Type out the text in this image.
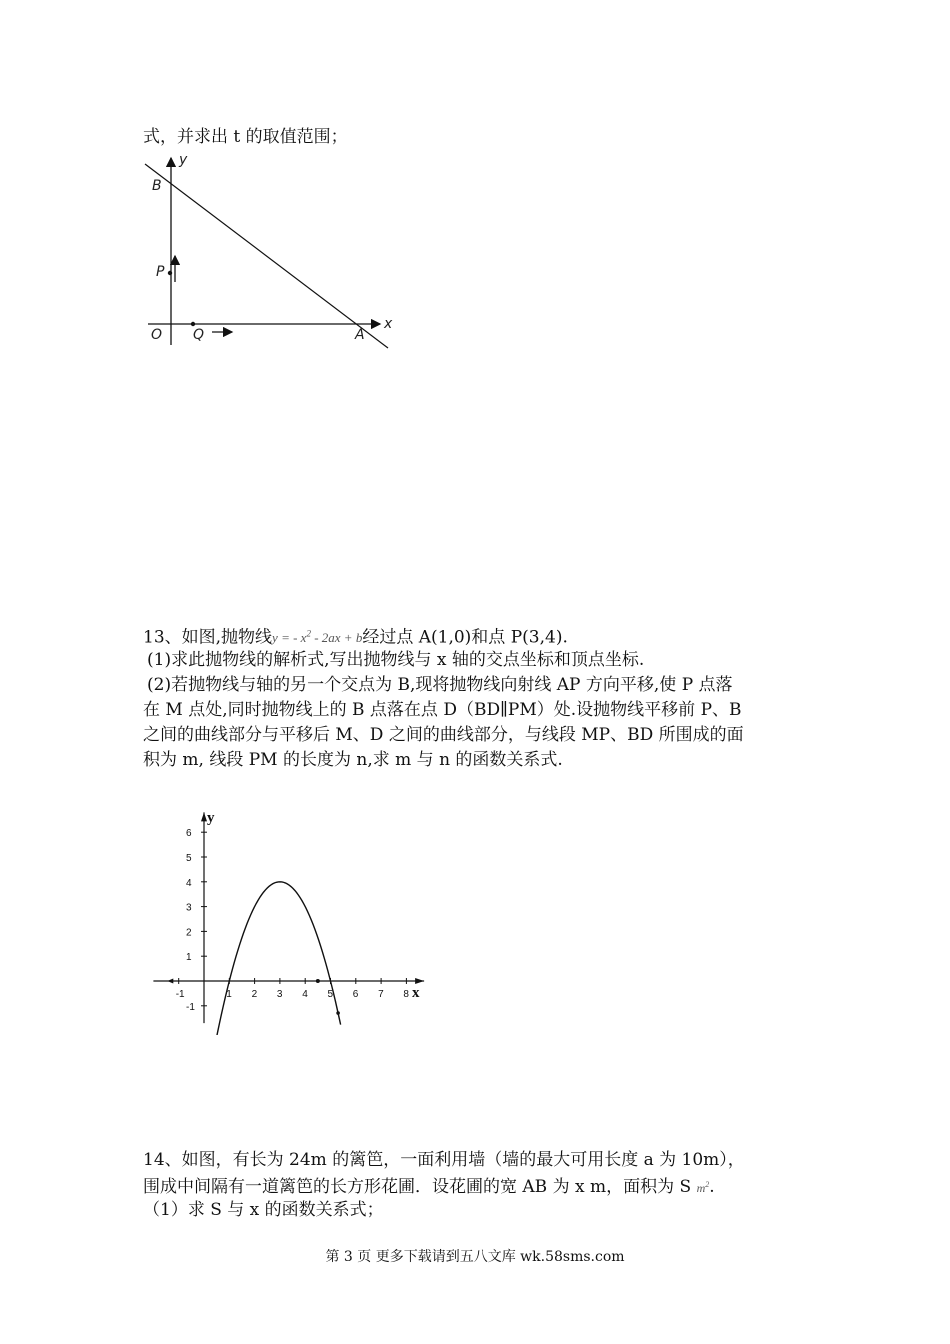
式，并求出 t 的取值范围；
y
B
P
O Q	A
x
13、如图,抛物线y = - $x^2 - 2ax + b$经过点 A(1,0)和点 P(3,4).
(1)求此抛物线的解析式,写出抛物线与 x 轴的交点坐标和顶点坐标.
(2)若抛物线与轴的另一个交点为 B,现将抛物线向射线 AP 方向平移,使 P 点落
在 M 点处,同时抛物线上的 B 点落在点 D（BD∥PM）处.设抛物线平移前 P、B
之间的曲线部分与平移后 M、D 之间的曲线部分，与线段 MP、BD 所围成的面
积为 m, 线段 PM 的长度为 n,求 m 与 n 的函数关系式.
-1	1 2 3 4 5 6 7 8
-1
1
2
3
4
5
6
y
x
14、如图，有长为 24m 的篱笆，一面利用墙（墙的最大可用长度 a 为 10m），
围成中间隔有一道篱笆的长方形花圃．设花圃的宽 AB 为 x m，面积为 S $m^2$.
（1）求 S 与 x 的函数关系式；
第 3 页 更多下载请到五八文库 wk.58sms.com
